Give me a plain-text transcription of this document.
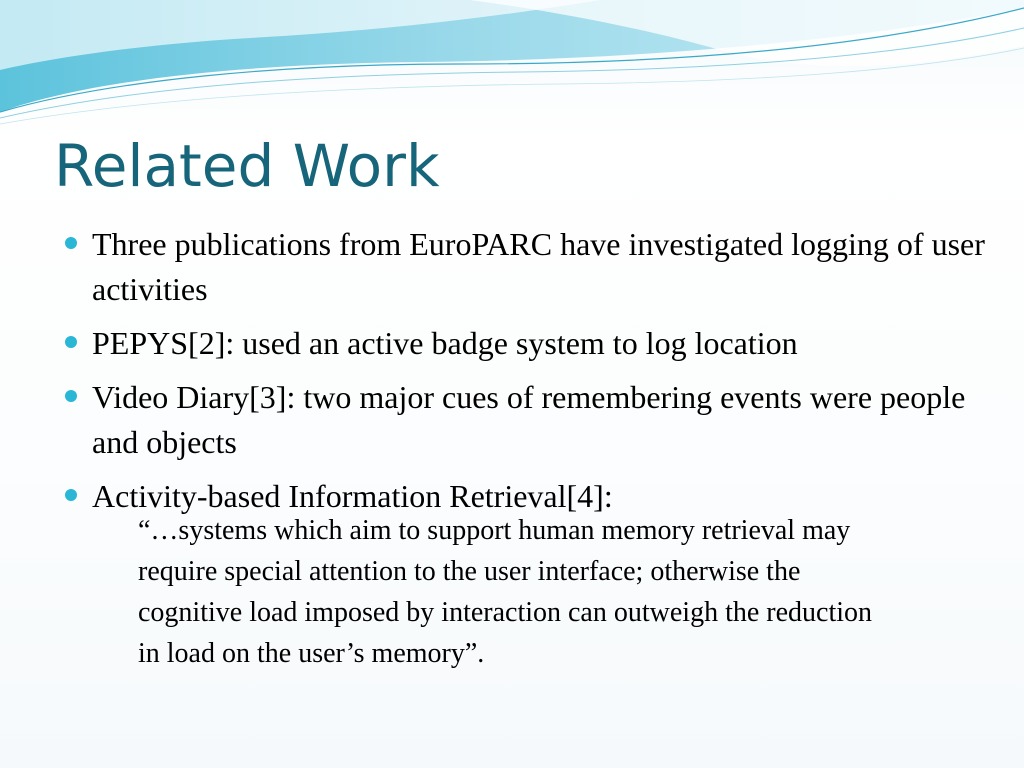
Related Work
Three publications from EuroPARC have investigated logging of user activities
PEPYS[2]: used an active badge system to log location
Video Diary[3]: two major cues of remembering events were people and objects
Activity-based Information Retrieval[4]:

“…systems which aim to support human memory retrieval may require special attention to the user interface; otherwise the cognitive load imposed by interaction can outweigh the reduction in load on the user’s memory”.
